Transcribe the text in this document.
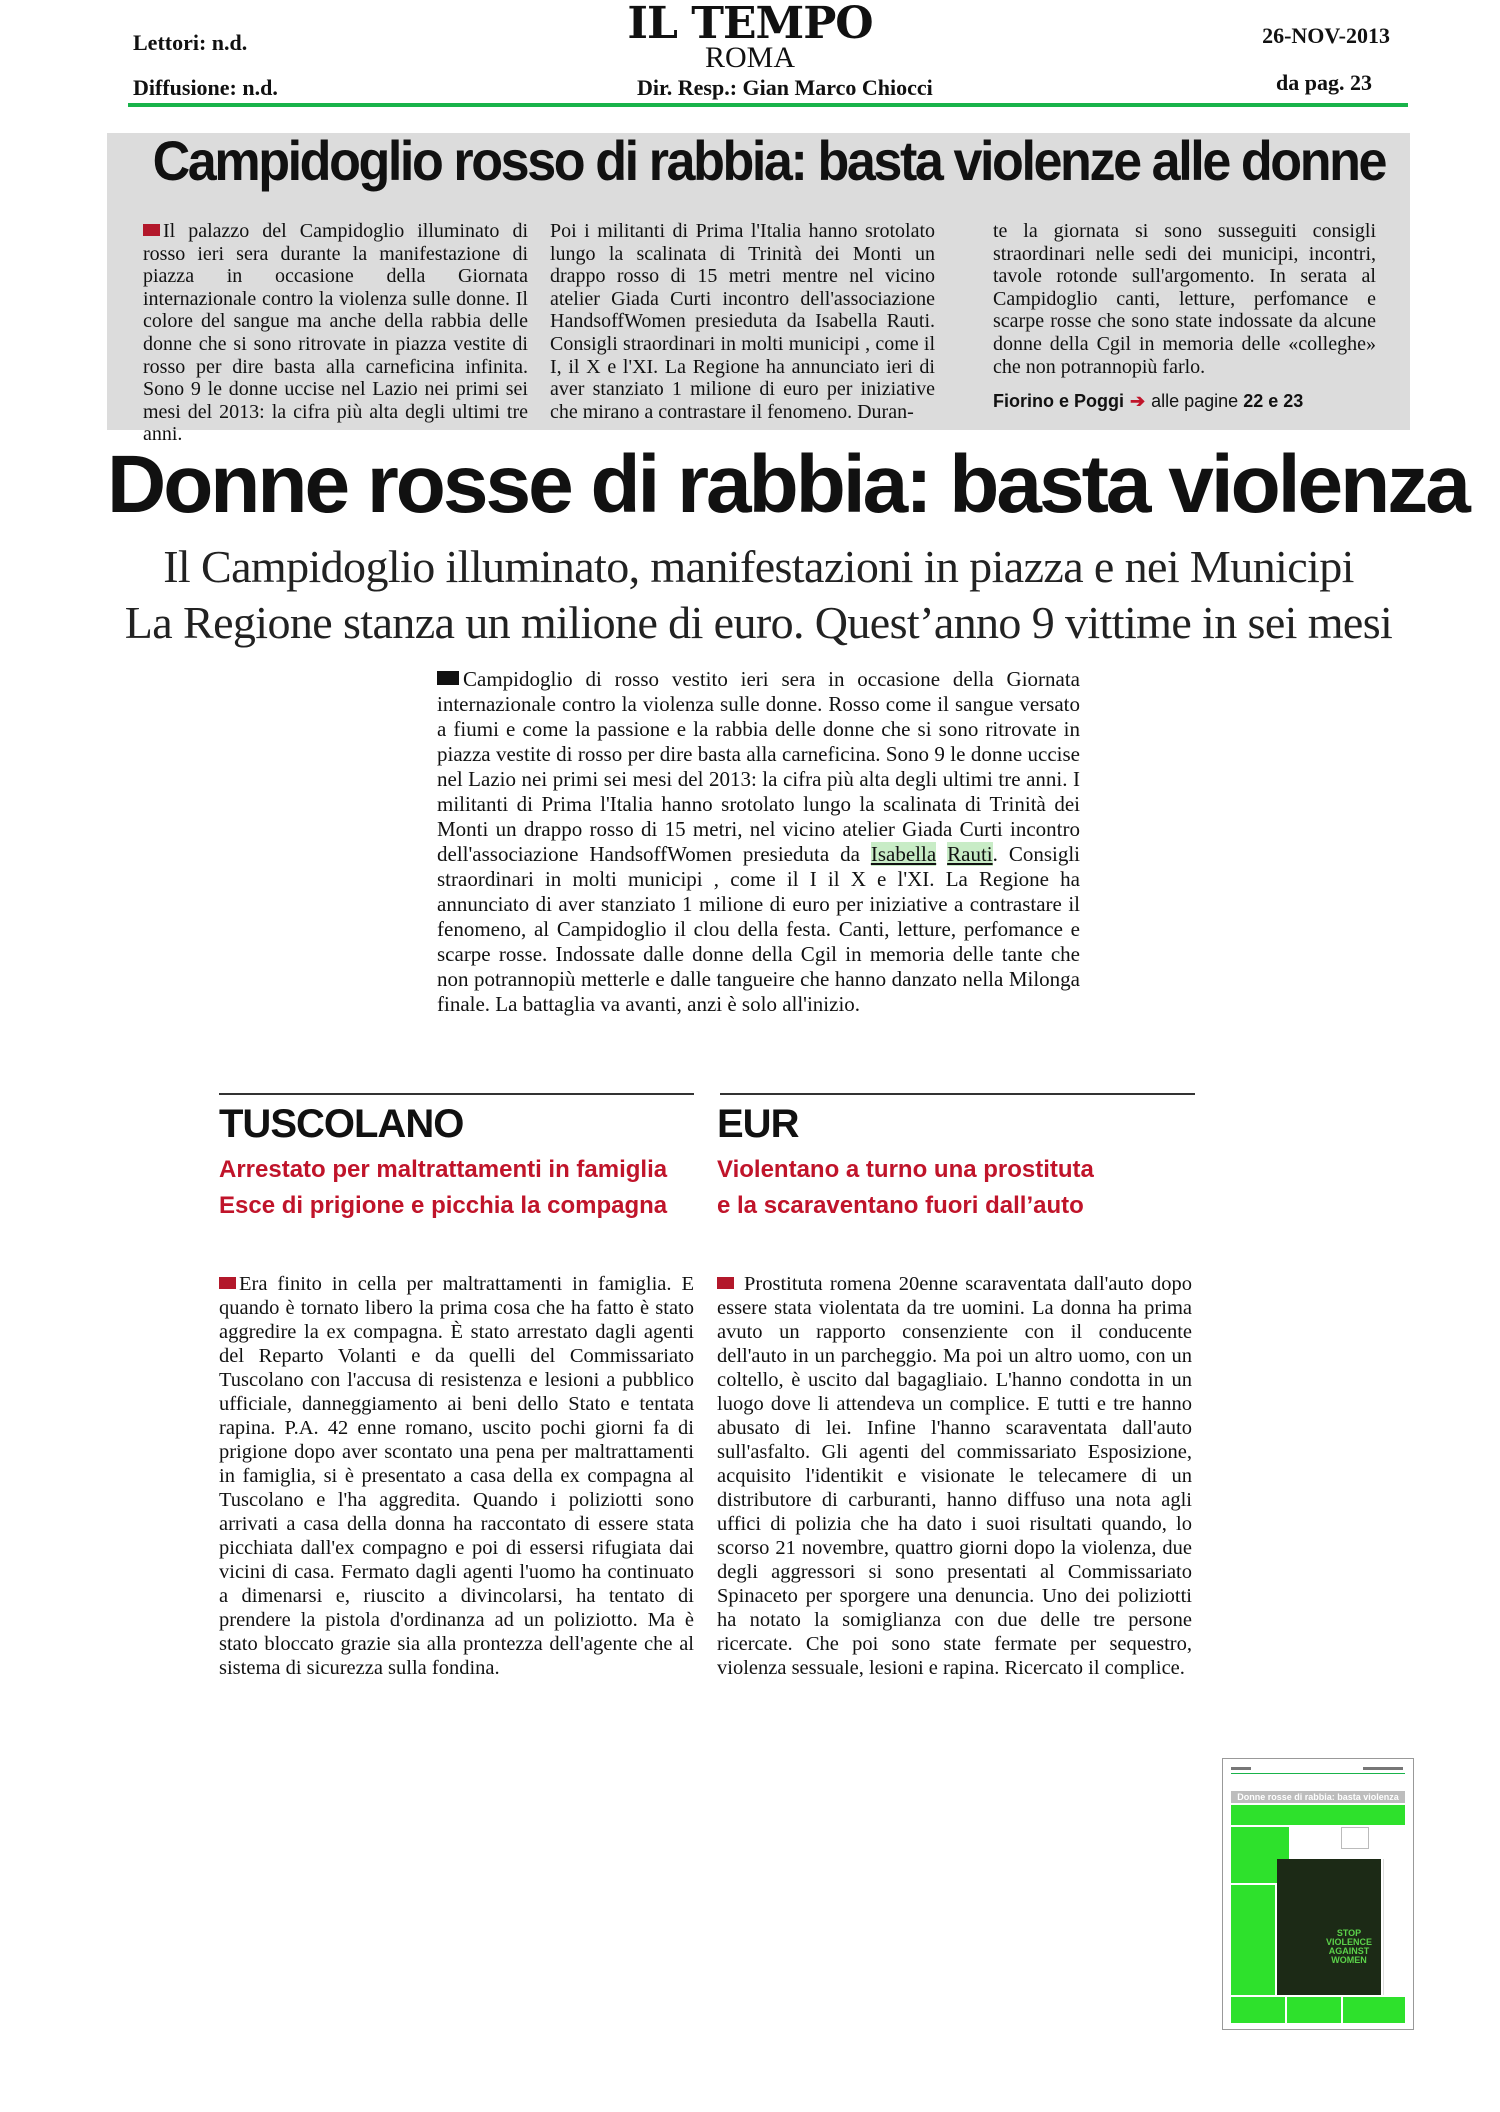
Lettori: n.d.
Diffusione: n.d.
IL TEMPO
ROMA
Dir. Resp.: Gian Marco Chiocci
26-NOV-2013
da pag. 23
Campidoglio rosso di rabbia: basta violenze alle donne
Il palazzo del Campidoglio illuminato di rosso ieri sera durante la manifestazione di piazza in occasione della Giornata internazionale contro la violenza sulle donne. Il colore del sangue ma anche della rabbia delle donne che si sono ritrovate in piazza vestite di rosso per dire basta alla carneficina infinita. Sono 9 le donne uccise nel Lazio nei primi sei mesi del 2013: la cifra più alta degli ultimi tre anni.
Poi i militanti di Prima l'Italia hanno srotolato lungo la scalinata di Trinità dei Monti un drappo rosso di 15 metri mentre nel vicino atelier Giada Curti incontro dell'associazione HandsoffWomen presieduta da Isabella Rauti. Consigli straordinari in molti municipi , come il I, il X e l'XI. La Regione ha annunciato ieri di aver stanziato 1 milione di euro per iniziative che mirano a contrastare il fenomeno. Duran-
te la giornata si sono susseguiti consigli straordinari nelle sedi dei municipi, incontri, tavole rotonde sull'argomento. In serata al Campidoglio canti, letture, perfomance e scarpe rosse che sono state indossate da alcune donne della Cgil in memoria delle «colleghe» che non potrannopiù farlo.
Fiorino e Poggi ➔ alle pagine 22 e 23
Donne rosse di rabbia: basta violenza
Il Campidoglio illuminato, manifestazioni in piazza e nei Municipi
La Regione stanza un milione di euro. Quest’anno 9 vittime in sei mesi
Campidoglio di rosso vestito ieri sera in occasione della Giornata internazionale contro la violenza sulle donne. Rosso come il sangue versato a fiumi e come la passione e la rabbia delle donne che si sono ritrovate in piazza vestite di rosso per dire basta alla carneficina. Sono 9 le donne uccise nel Lazio nei primi sei mesi del 2013: la cifra più alta degli ultimi tre anni. I militanti di Prima l'Italia hanno srotolato lungo la scalinata di Trinità dei Monti un drappo rosso di 15 metri, nel vicino atelier Giada Curti incontro dell'associazione HandsoffWomen presieduta da Isabella Rauti. Consigli straordinari in molti municipi , come il I il X e l'XI. La Regione ha annunciato di aver stanziato 1 milione di euro per iniziative a contrastare il fenomeno, al Campidoglio il clou della festa. Canti, letture, perfomance e scarpe rosse. Indossate dalle donne della Cgil in memoria delle tante che non potrannopiù metterle e dalle tangueire che hanno danzato nella Milonga finale. La battaglia va avanti, anzi è solo all'inizio.
TUSCOLANO
Arrestato per maltrattamenti in famiglia
Esce di prigione e picchia la compagna
Era finito in cella per maltrattamenti in famiglia. E quando è tornato libero la prima cosa che ha fatto è stato aggredire la ex compagna. È stato arrestato dagli agenti del Reparto Volanti e da quelli del Commissariato Tuscolano con l'accusa di resistenza e lesioni a pubblico ufficiale, danneggiamento ai beni dello Stato e tentata rapina. P.A. 42 enne romano, uscito pochi giorni fa di prigione dopo aver scontato una pena per maltrattamenti in famiglia, si è presentato a casa della ex compagna al Tuscolano e l'ha aggredita. Quando i poliziotti sono arrivati a casa della donna ha raccontato di essere stata picchiata dall'ex compagno e poi di essersi rifugiata dai vicini di casa. Fermato dagli agenti l'uomo ha continuato a dimenarsi e, riuscito a divincolarsi, ha tentato di prendere la pistola d'ordinanza ad un poliziotto. Ma è stato bloccato grazie sia alla prontezza dell'agente che al sistema di sicurezza sulla fondina.
EUR
Violentano a turno una prostituta
e la scaraventano fuori dall’auto
Prostituta romena 20enne scaraventata dall'auto dopo essere stata violentata da tre uomini. La donna ha prima avuto un rapporto consenziente con il conducente dell'auto in un parcheggio. Ma poi un altro uomo, con un coltello, è uscito dal bagagliaio. L'hanno condotta in un luogo dove li attendeva un complice. E tutti e tre hanno abusato di lei. Infine l'hanno scaraventata dall'auto sull'asfalto. Gli agenti del commissariato Esposizione, acquisito l'identikit e visionate le telecamere di un distributore di carburanti, hanno diffuso una nota agli uffici di polizia che ha dato i suoi risultati quando, lo scorso 21 novembre, quattro giorni dopo la violenza, due degli aggressori si sono presentati al Commissariato Spinaceto per sporgere una denuncia. Uno dei poliziotti ha notato la somiglianza con due delle tre persone ricercate. Che poi sono state fermate per sequestro, violenza sessuale, lesioni e rapina. Ricercato il complice.
Donne rosse di rabbia: basta violenza
STOP VIOLENCE AGAINST WOMEN
